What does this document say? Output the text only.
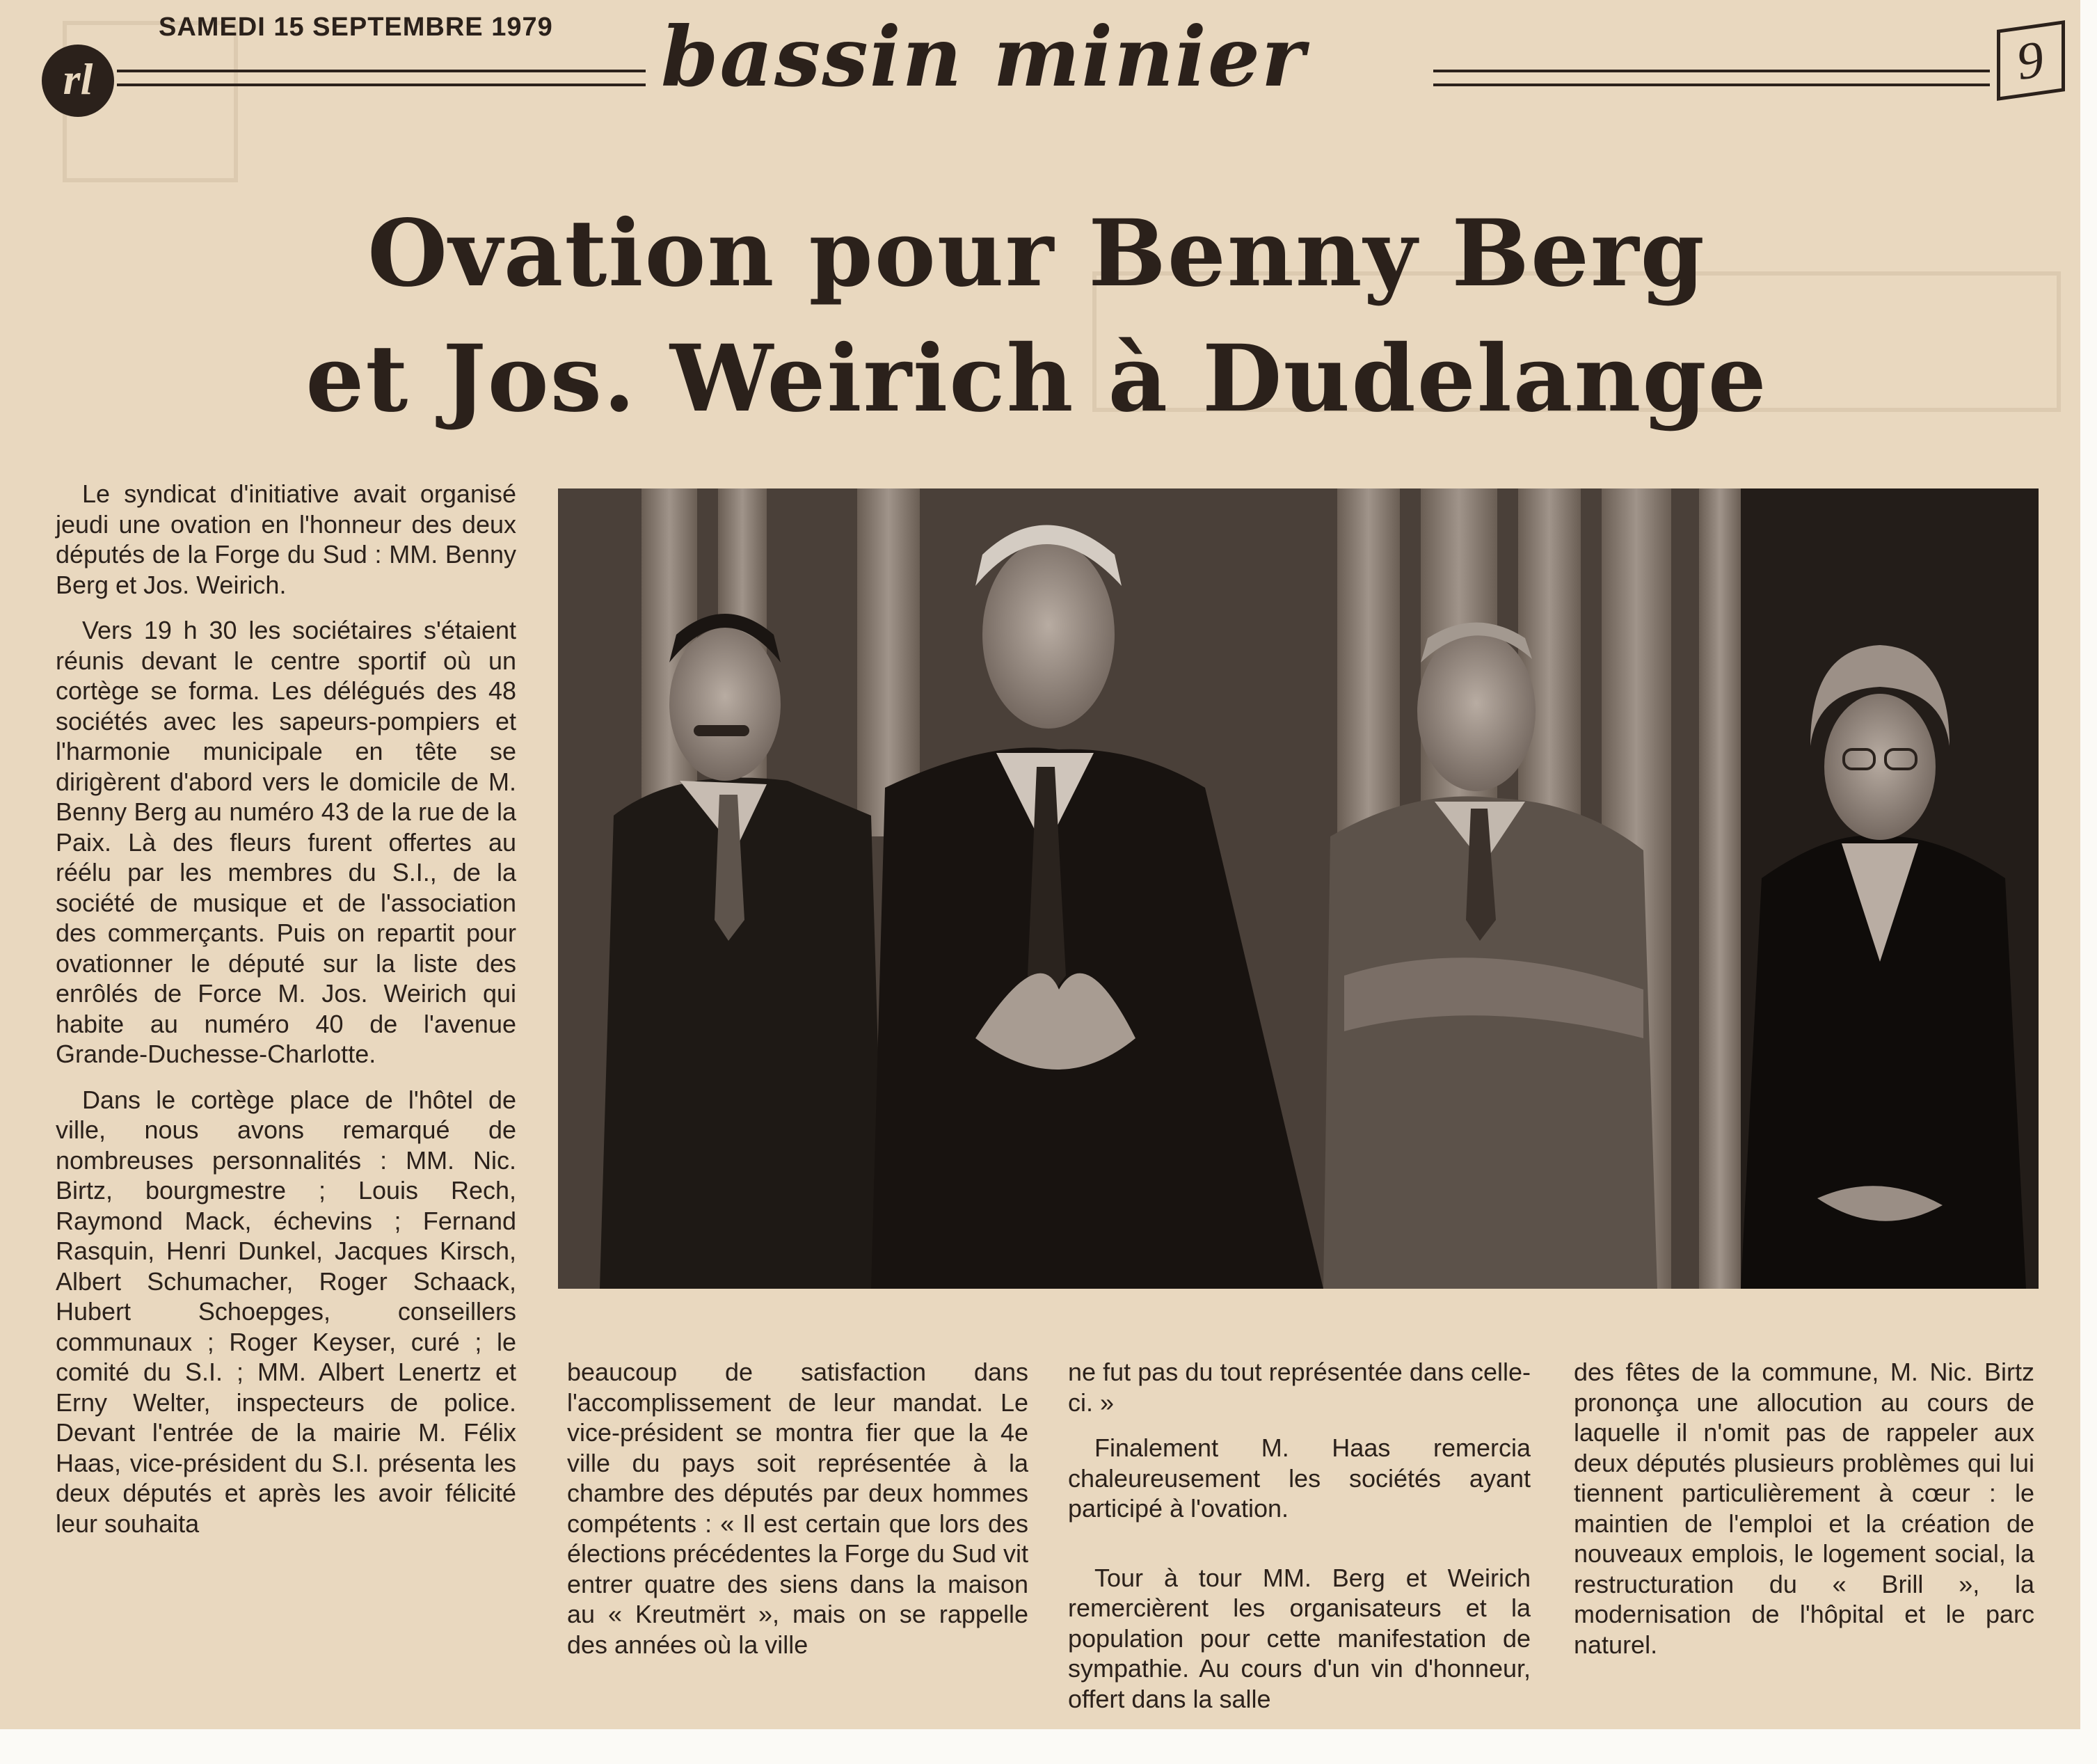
rl
SAMEDI 15 SEPTEMBRE 1979 bassin minier	9
Ovation pour Benny Berg
et Jos. Weirich à Dudelange

Le syndicat d'initiative avait organisé jeudi une ovation en l'honneur des deux députés de la Forge du Sud : MM. Benny Berg et Jos. Weirich.

Vers 19 h 30 les sociétaires s'étaient réunis devant le centre sportif où un cortège se forma. Les délégués des 48 sociétés avec les sapeurs-pompiers et l'harmonie municipale en tête se dirigèrent d'abord vers le domicile de M. Benny Berg au numéro 43 de la rue de la Paix. Là des fleurs furent offertes au réélu par les membres du S.I., de la société de musique et de l'association des commerçants. Puis on repartit pour ovationner le député sur la liste des enrôlés de Force M. Jos. Weirich qui habite au numéro 40 de l'avenue Grande-Duchesse-Charlotte.

Dans le cortège place de l'hôtel de ville, nous avons remarqué de nombreuses personnalités : MM. Nic. Birtz, bourgmestre ; Louis Rech, Raymond Mack, échevins ; Fernand Rasquin, Henri Dunkel, Jacques Kirsch, Albert Schumacher, Roger Schaack, Hubert Schoepges, conseillers communaux ; Roger Keyser, curé ; le comité du S.I. ; MM. Albert Lenertz et Erny Welter, inspecteurs de police. Devant l'entrée de la mairie M. Félix Haas, vice-président du S.I. présenta les deux députés et après les avoir félicité leur souhaita

beaucoup de satisfaction dans l'accomplissement de leur mandat. Le vice-président se montra fier que la 4e ville du pays soit représentée à la chambre des députés par deux hommes compétents : « Il est certain que lors des élections précédentes la Forge du Sud vit entrer quatre des siens dans la maison au « Kreutmërt », mais on se rappelle des années où la ville

ne fut pas du tout représentée dans celle-ci. »

Finalement M. Haas remercia chaleureusement les sociétés ayant participé à l'ovation.

Tour à tour MM. Berg et Weirich remercièrent les organisateurs et la population pour cette manifestation de sympathie. Au cours d'un vin d'honneur, offert dans la salle

des fêtes de la commune, M. Nic. Birtz prononça une allocution au cours de laquelle il n'omit pas de rappeler aux deux députés plusieurs problèmes qui lui tiennent particulièrement à cœur : le maintien de l'emploi et la création de nouveaux emplois, le logement social, la restructuration du « Brill », la modernisation de l'hôpital et le parc naturel.
